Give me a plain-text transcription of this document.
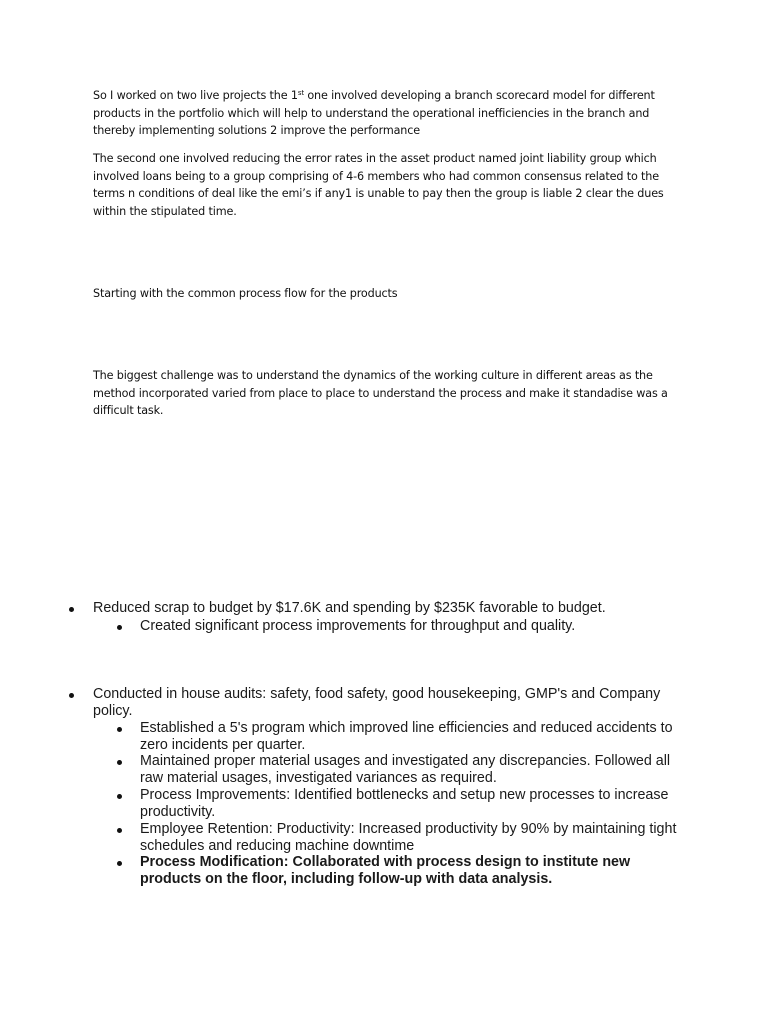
So I worked on two live projects the 1st one involved developing a branch scorecard model for different products in the portfolio which will help to understand the operational inefficiencies in the branch and thereby implementing solutions 2 improve the performance

The second one involved reducing the error rates in the asset product named joint liability group which involved loans being to a group comprising of 4-6 members who had common consensus related to the terms n conditions of deal like the emi’s if any1 is unable to pay then the group is liable 2 clear the dues within the stipulated time.

Starting with the common process flow for the products

The biggest challenge was to understand the dynamics of the working culture in different areas as the method incorporated varied from place to place to understand the process and make it standadise was a difficult task.

Reduced scrap to budget by $17.6K and spending by $235K favorable to budget.
Created significant process improvements for throughput and quality.
Conducted in house audits: safety, food safety, good housekeeping, GMP's and Company policy.
Established a 5's program which improved line efficiencies and reduced accidents to zero incidents per quarter.
Maintained proper material usages and investigated any discrepancies. Followed all raw material usages, investigated variances as required.
Process Improvements: Identified bottlenecks and setup new processes to increase productivity.
Employee Retention: Productivity: Increased productivity by 90% by maintaining tight schedules and reducing machine downtime
Process Modification: Collaborated with process design to institute new products on the floor, including follow-up with data analysis.
